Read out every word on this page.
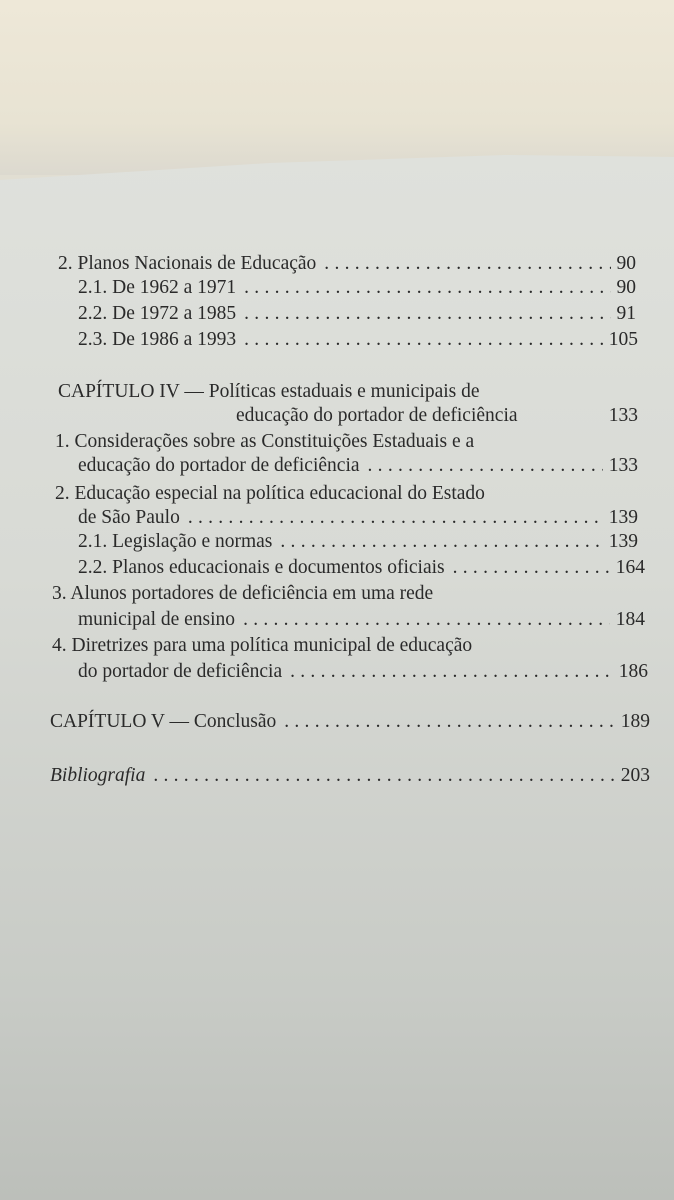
2. Planos Nacionais de Educação . . .	90
2.1. De 1962 a 1971 . . .	90
2.2. De 1972 a 1985 . . .	91
2.3. De 1986 a 1993 . . .	105
CAPÍTULO IV — Políticas estaduais e municipais de
educação do portador de deficiência	133
1. Considerações sobre as Constituições Estaduais e a
educação do portador de deficiência . . .	133
2. Educação especial na política educacional do Estado
de São Paulo . . .	139
2.1. Legislação e normas . . .	139
2.2. Planos educacionais e documentos oficiais . . .	164
3. Alunos portadores de deficiência em uma rede
municipal de ensino . . .	184
4. Diretrizes para uma política municipal de educação
do portador de deficiência . . .	186
CAPÍTULO V — Conclusão . . .	189
Bibliografia . . .	203
